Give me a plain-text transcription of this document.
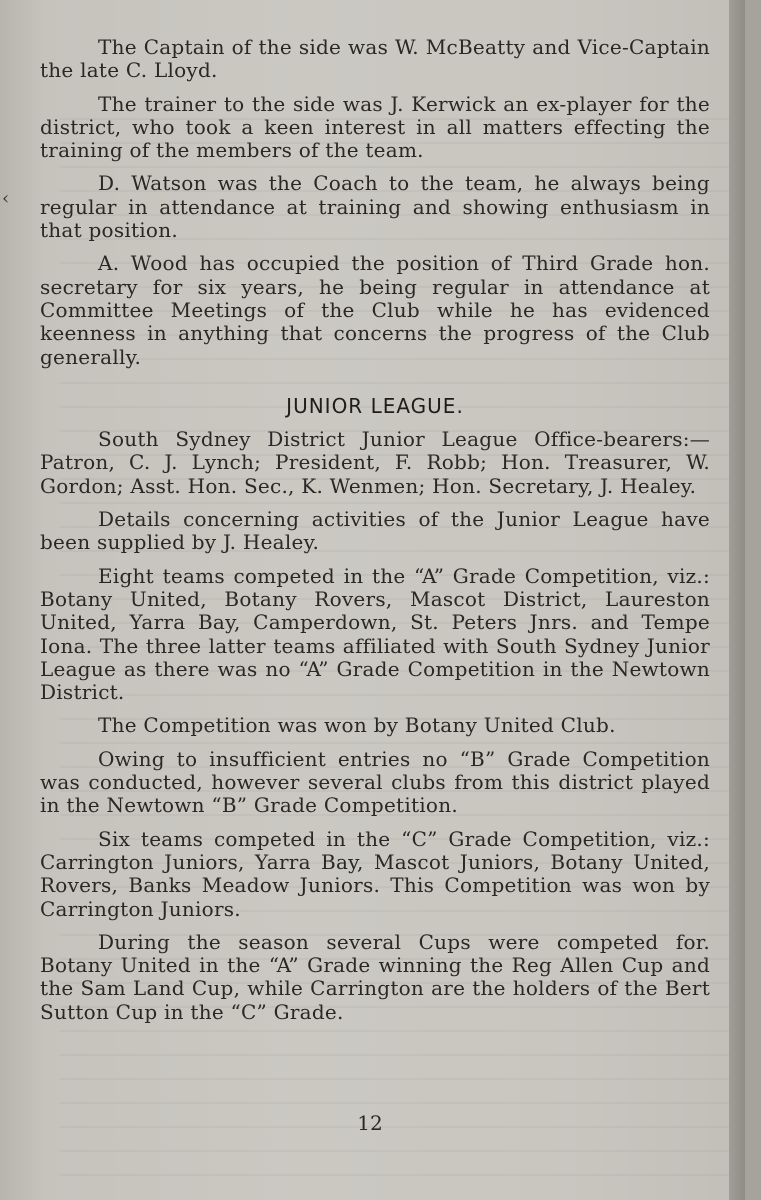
‹

The Captain of the side was W. McBeatty and Vice-Captain the late C. Lloyd.

The trainer to the side was J. Kerwick an ex-player for the district, who took a keen interest in all matters effecting the training of the members of the team.

D. Watson was the Coach to the team, he always being regular in attendance at training and showing enthusiasm in that position.

A. Wood has occupied the position of Third Grade hon. secretary for six years, he being regular in attendance at Committee Meetings of the Club while he has evidenced keenness in anything that concerns the progress of the Club generally.

JUNIOR LEAGUE.

South Sydney District Junior League Office-bearers:—Patron, C. J. Lynch; President, F. Robb; Hon. Treasurer, W. Gordon; Asst. Hon. Sec., K. Wenmen; Hon. Secretary, J. Healey.

Details concerning activities of the Junior League have been supplied by J. Healey.

Eight teams competed in the “A” Grade Competition, viz.: Botany United, Botany Rovers, Mascot District, Laureston United, Yarra Bay, Camperdown, St. Peters Jnrs. and Tempe Iona. The three latter teams affiliated with South Sydney Junior League as there was no “A” Grade Competition in the Newtown District.

The Competition was won by Botany United Club.

Owing to insufficient entries no “B” Grade Competition was conducted, however several clubs from this district played in the Newtown “B” Grade Competition.

Six teams competed in the “C” Grade Competition, viz.: Carrington Juniors, Yarra Bay, Mascot Juniors, Botany United, Rovers, Banks Meadow Juniors. This Competition was won by Carrington Juniors.

During the season several Cups were competed for. Botany United in the “A” Grade winning the Reg Allen Cup and the Sam Land Cup, while Carrington are the holders of the Bert Sutton Cup in the “C” Grade.

12
